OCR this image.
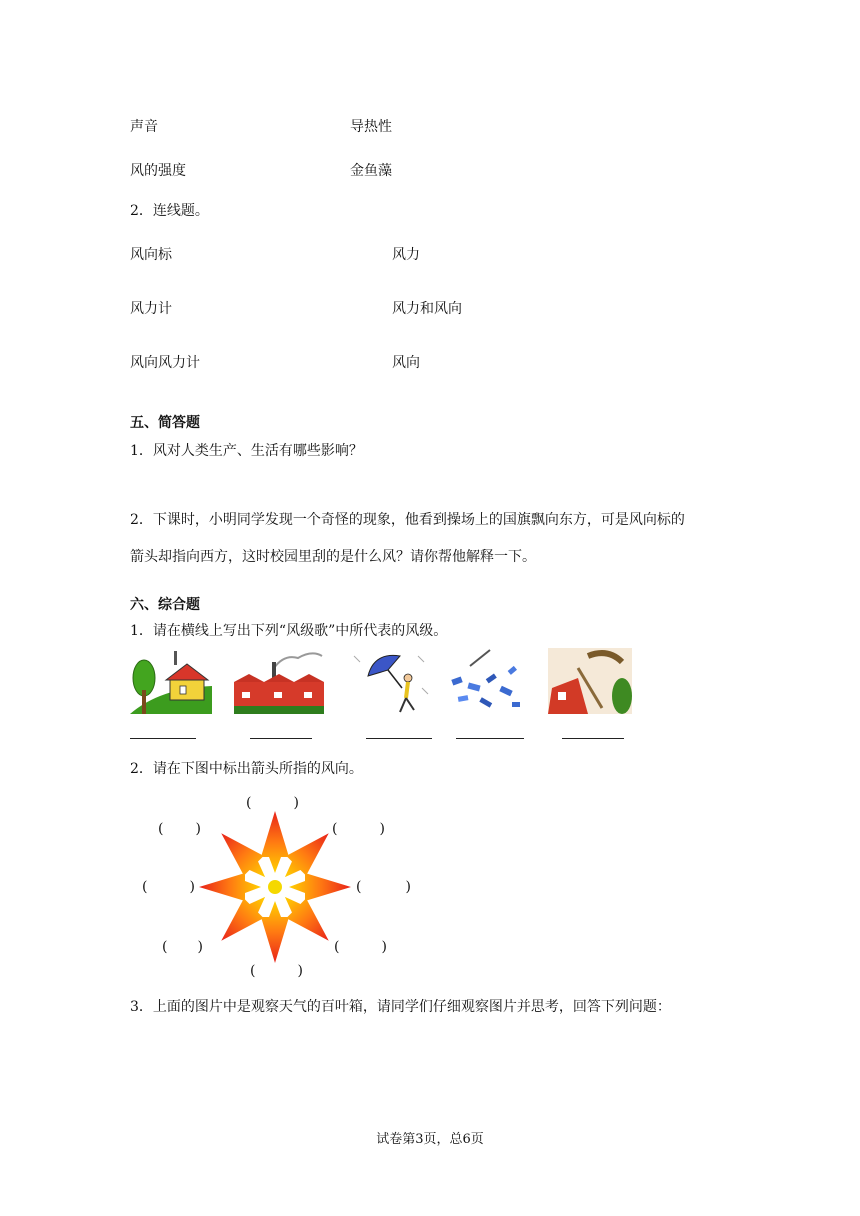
声音	导热性
风的强度	金鱼藻
2．连线题。
风向标	风力
风力计	风力和风向
风向风力计	风向
五、简答题
1．风对人类生产、生活有哪些影响？
2．下课时，小明同学发现一个奇怪的现象，他看到操场上的国旗飘向东方，可是风向标的
箭头却指向西方，这时校园里刮的是什么风？请你帮他解释一下。
六、综合题
1．请在横线上写出下列“风级歌”中所代表的风级。
2．请在下图中标出箭头所指的风向。
(	)
( )	(	)
(	)	(	)
( )	(	)
(	)
3．上面的图片中是观察天气的百叶箱，请同学们仔细观察图片并思考，回答下列问题：
试卷第3页，总6页
